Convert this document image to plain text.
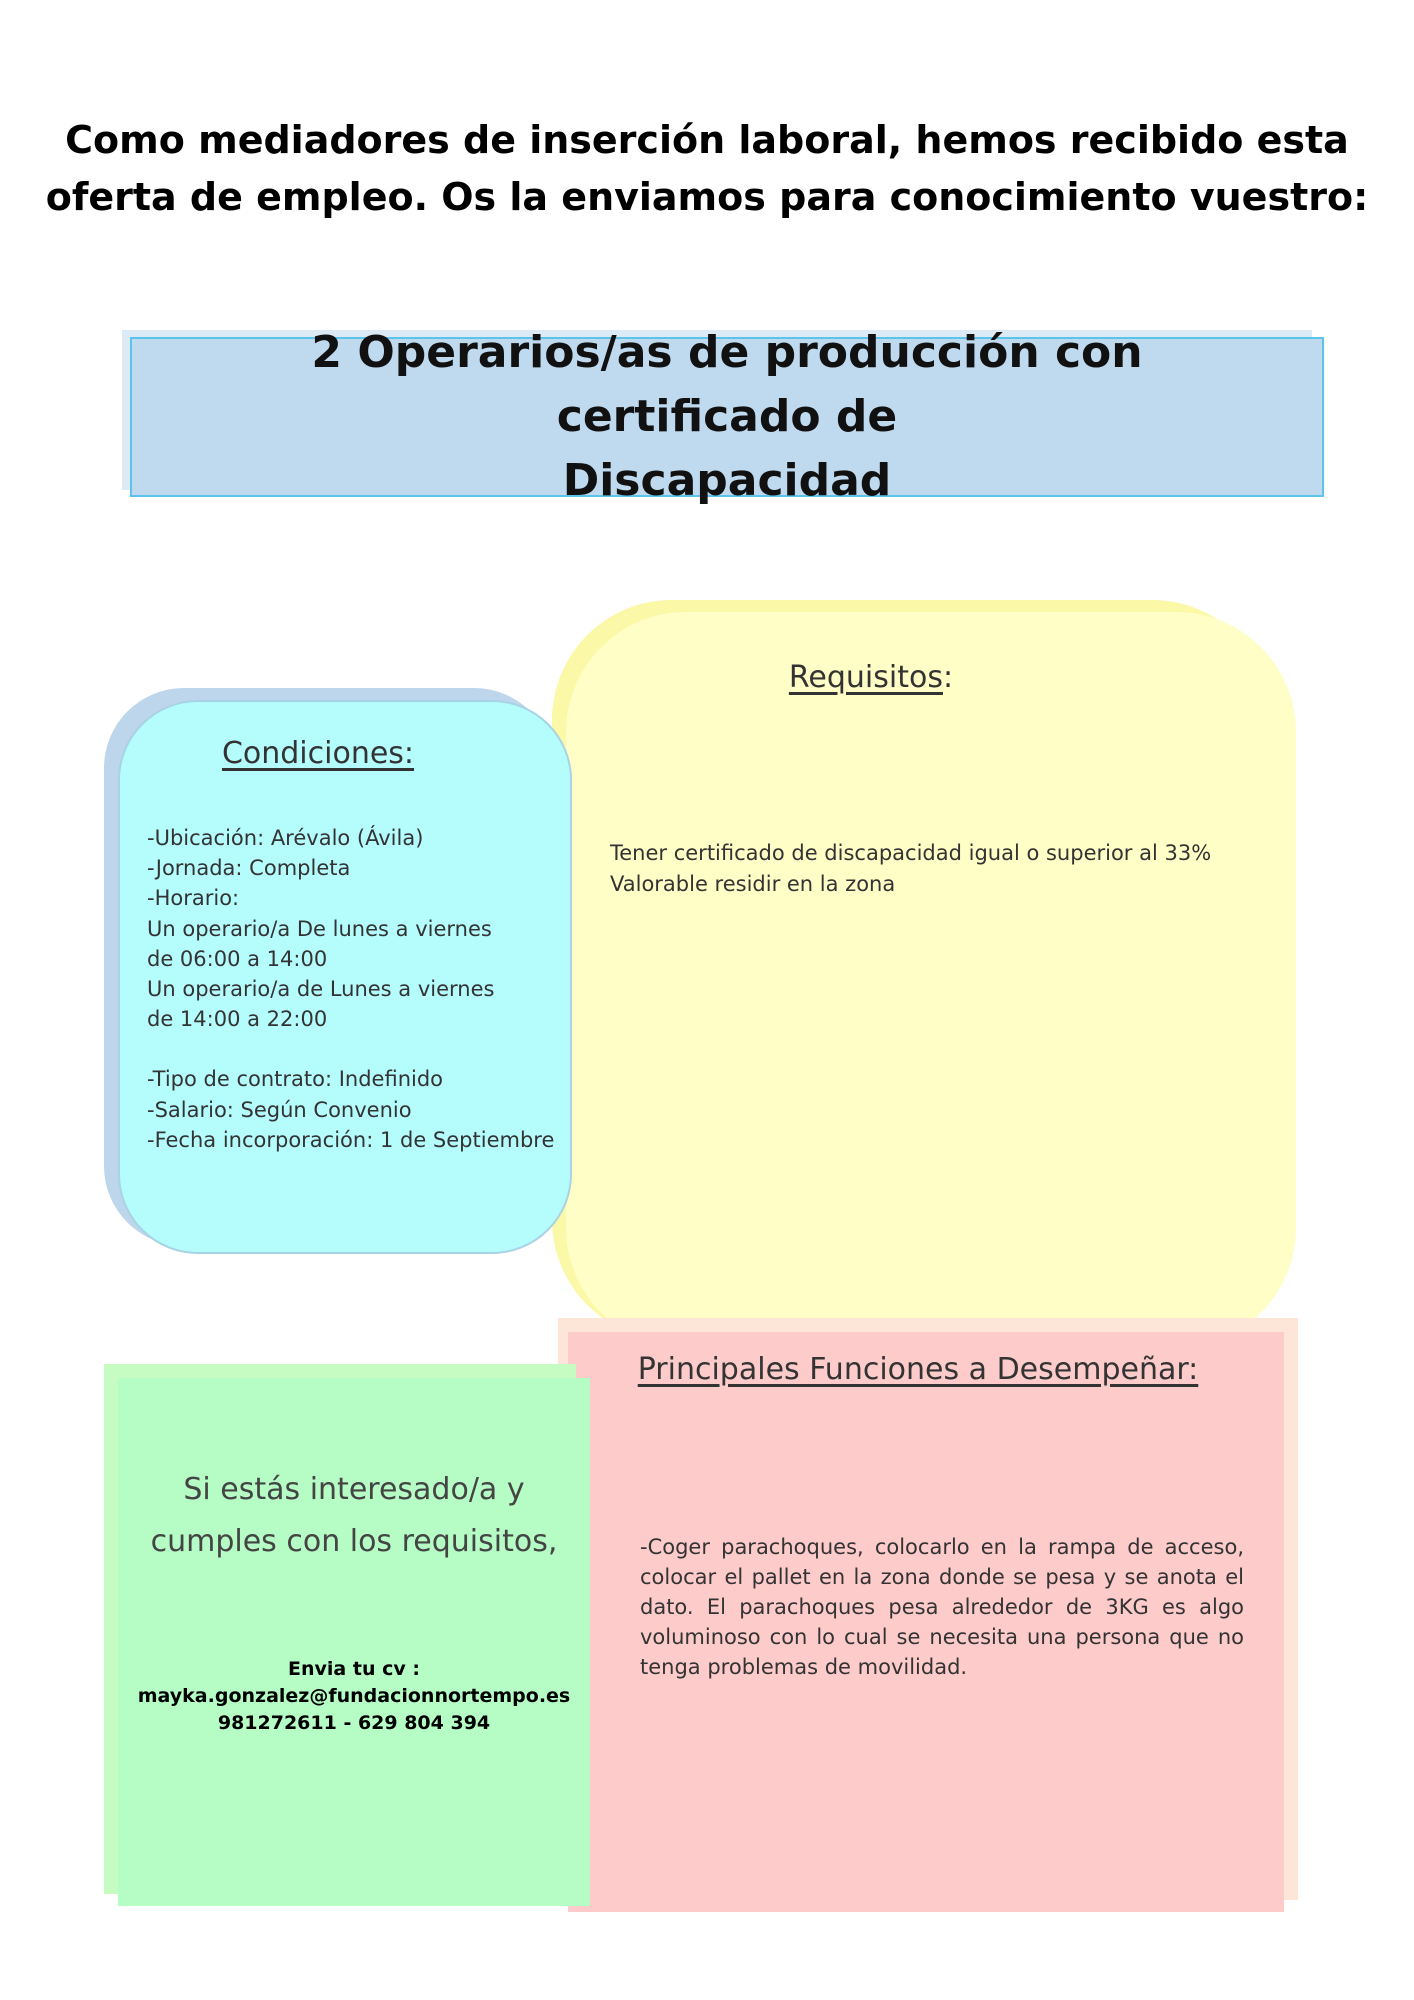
Como mediadores de inserción laboral, hemos recibido esta
oferta de empleo. Os la enviamos para conocimiento vuestro:
2 Operarios/as de producción con certificado de
Discapacidad
Requisitos:
Tener certificado de discapacidad igual o superior al 33%
Valorable residir en la zona
Condiciones:
-Ubicación: Arévalo (Ávila)
-Jornada: Completa
-Horario:
Un operario/a De lunes a viernes
de 06:00 a 14:00
Un operario/a de Lunes a viernes
de 14:00 a 22:00
-Tipo de contrato: Indefinido
-Salario: Según Convenio
-Fecha incorporación: 1 de Septiembre
Principales Funciones a Desempeñar:
-Coger parachoques, colocarlo en la rampa de acceso, colocar el pallet en la zona donde se pesa y se anota el dato. El parachoques pesa alrededor de 3KG es algo voluminoso con lo cual se necesita una persona que no tenga problemas de movilidad.
Si estás interesado/a y
cumples con los requisitos,
Envia tu cv :
mayka.gonzalez@fundacionnortempo.es
981272611 - 629 804 394
